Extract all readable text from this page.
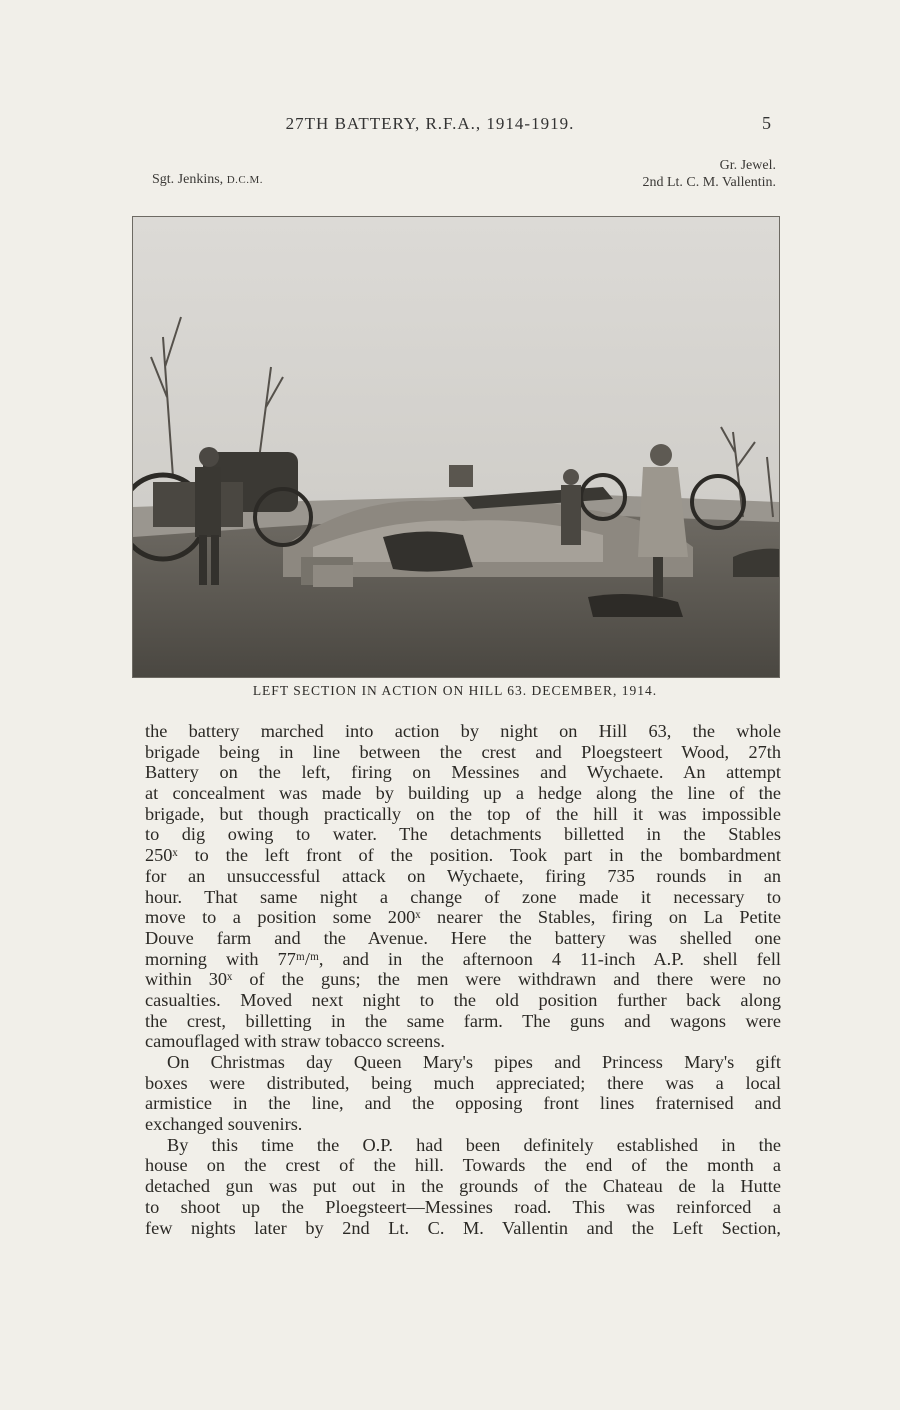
27TH BATTERY, R.F.A., 1914-1919.	5
Sgt. Jenkins, D.C.M.
Gr. Jewel.
2nd Lt. C. M. Vallentin.
LEFT SECTION IN ACTION ON HILL 63. DECEMBER, 1914.
the battery marched into action by night on Hill 63, the whole
brigade being in line between the crest and Ploegsteert Wood, 27th
Battery on the left, firing on Messines and Wychaete. An attempt
at concealment was made by building up a hedge along the line of the
brigade, but though practically on the top of the hill it was impossible
to dig owing to water. The detachments billetted in the Stables
250ˣ to the left front of the position. Took part in the bombardment
for an unsuccessful attack on Wychaete, firing 735 rounds in an
hour. That same night a change of zone made it necessary to
move to a position some 200ˣ nearer the Stables, firing on La Petite
Douve farm and the Avenue. Here the battery was shelled one
morning with 77ᵐ/ᵐ, and in the afternoon 4 11-inch A.P. shell fell
within 30ˣ of the guns; the men were withdrawn and there were no
casualties. Moved next night to the old position further back along
the crest, billetting in the same farm. The guns and wagons were
camouflaged with straw tobacco screens.
On Christmas day Queen Mary's pipes and Princess Mary's gift
boxes were distributed, being much appreciated; there was a local
armistice in the line, and the opposing front lines fraternised and
exchanged souvenirs.
By this time the O.P. had been definitely established in the
house on the crest of the hill. Towards the end of the month a
detached gun was put out in the grounds of the Chateau de la Hutte
to shoot up the Ploegsteert—Messines road. This was reinforced a
few nights later by 2nd Lt. C. M. Vallentin and the Left Section,
